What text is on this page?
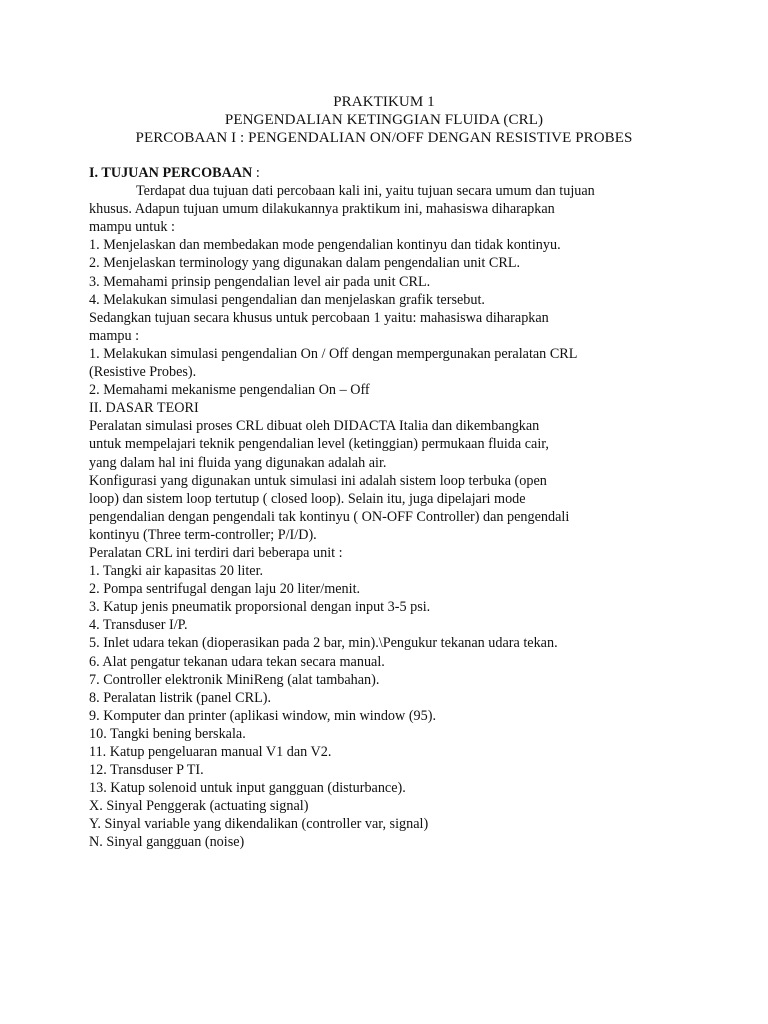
PRAKTIKUM 1
PENGENDALIAN KETINGGIAN FLUIDA (CRL)
PERCOBAAN I : PENGENDALIAN ON/OFF DENGAN RESISTIVE PROBES
I. TUJUAN PERCOBAAN :
Terdapat dua tujuan dati percobaan kali ini, yaitu tujuan secara umum dan tujuan
khusus. Adapun tujuan umum dilakukannya praktikum ini, mahasiswa diharapkan
mampu untuk :
1. Menjelaskan dan membedakan mode pengendalian kontinyu dan tidak kontinyu.
2. Menjelaskan terminology yang digunakan dalam pengendalian unit CRL.
3. Memahami prinsip pengendalian level air pada unit CRL.
4. Melakukan simulasi pengendalian dan menjelaskan grafik tersebut.
Sedangkan tujuan secara khusus untuk percobaan 1 yaitu: mahasiswa diharapkan
mampu :
1. Melakukan simulasi pengendalian On / Off dengan mempergunakan peralatan CRL
(Resistive Probes).
2. Memahami mekanisme pengendalian On – Off
II. DASAR TEORI
Peralatan simulasi proses CRL dibuat oleh DIDACTA Italia dan dikembangkan
untuk mempelajari teknik pengendalian level (ketinggian) permukaan fluida cair,
yang dalam hal ini fluida yang digunakan adalah air.
Konfigurasi yang digunakan untuk simulasi ini adalah sistem loop terbuka (open
loop) dan sistem loop tertutup ( closed loop). Selain itu, juga dipelajari mode
pengendalian dengan pengendali tak kontinyu ( ON-OFF Controller) dan pengendali
kontinyu (Three term-controller; P/I/D).
Peralatan CRL ini terdiri dari beberapa unit :
1. Tangki air kapasitas 20 liter.
2. Pompa sentrifugal dengan laju 20 liter/menit.
3. Katup jenis pneumatik proporsional dengan input 3-5 psi.
4. Transduser I/P.
5. Inlet udara tekan (dioperasikan pada 2 bar, min).\Pengukur tekanan udara tekan.
6. Alat pengatur tekanan udara tekan secara manual.
7. Controller elektronik MiniReng (alat tambahan).
8. Peralatan listrik (panel CRL).
9. Komputer dan printer (aplikasi window, min window (95).
10. Tangki bening berskala.
11. Katup pengeluaran manual V1 dan V2.
12. Transduser P TI.
13. Katup solenoid untuk input gangguan (disturbance).
X. Sinyal Penggerak (actuating signal)
Y. Sinyal variable yang dikendalikan (controller var, signal)
N. Sinyal gangguan (noise)
